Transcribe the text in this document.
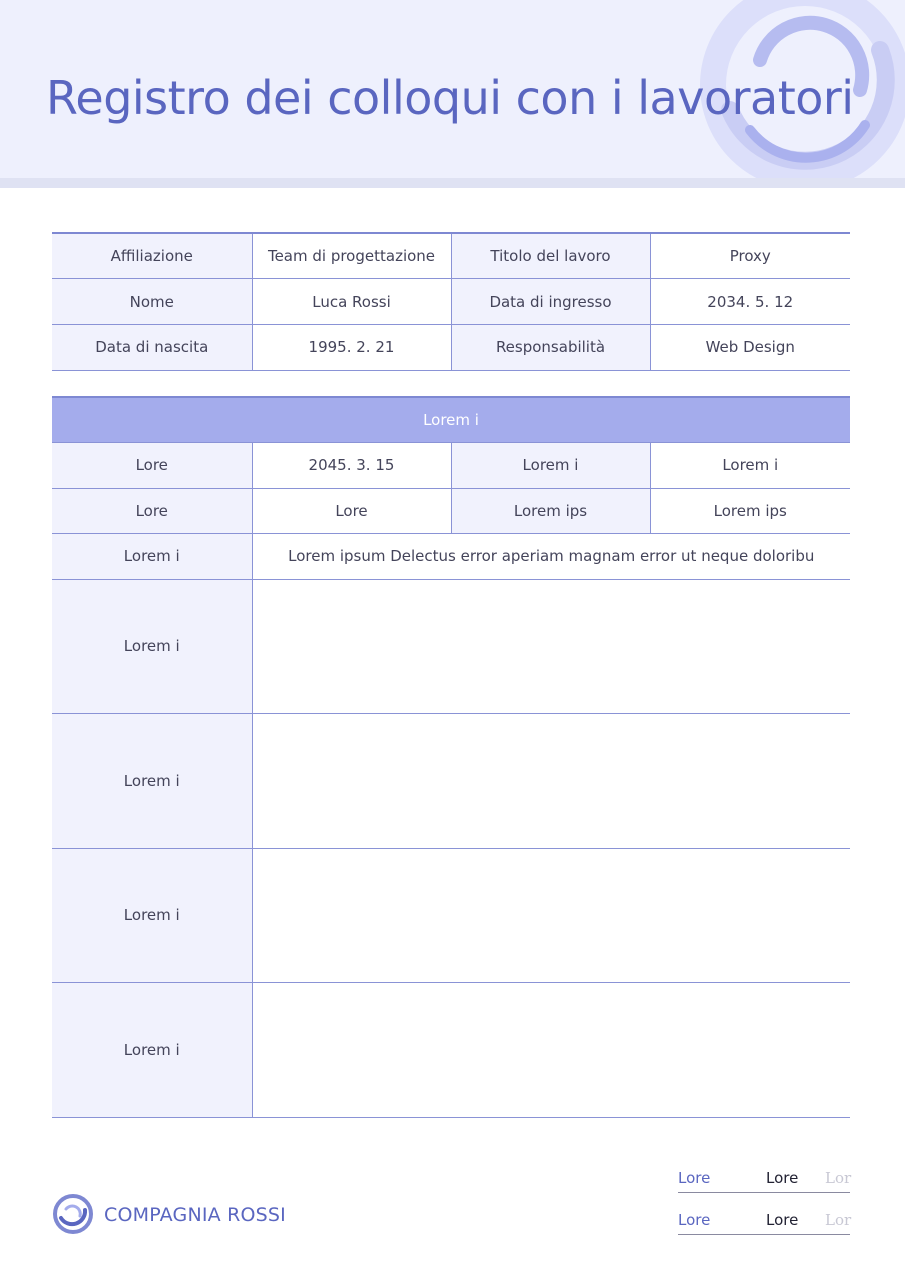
Registro dei colloqui con i lavoratori
Affiliazione	Team di progettazione	Titolo del lavoro	Proxy
Nome	Luca Rossi	Data di ingresso	2034. 5. 12
Data di nascita	1995. 2. 21	Responsabilità	Web Design
Lorem i			
Lore	2045. 3. 15	Lorem i	Lorem i
Lore	Lore	Lorem ips	Lorem ips
Lorem i	Lorem ipsum Delectus error aperiam magnam error ut neque doloribu		
Lorem i			
Lorem i			
Lorem i			
Lorem i			
COMPAGNIA ROSSI
Lore	Lore Lor
Lore	Lore Lor
